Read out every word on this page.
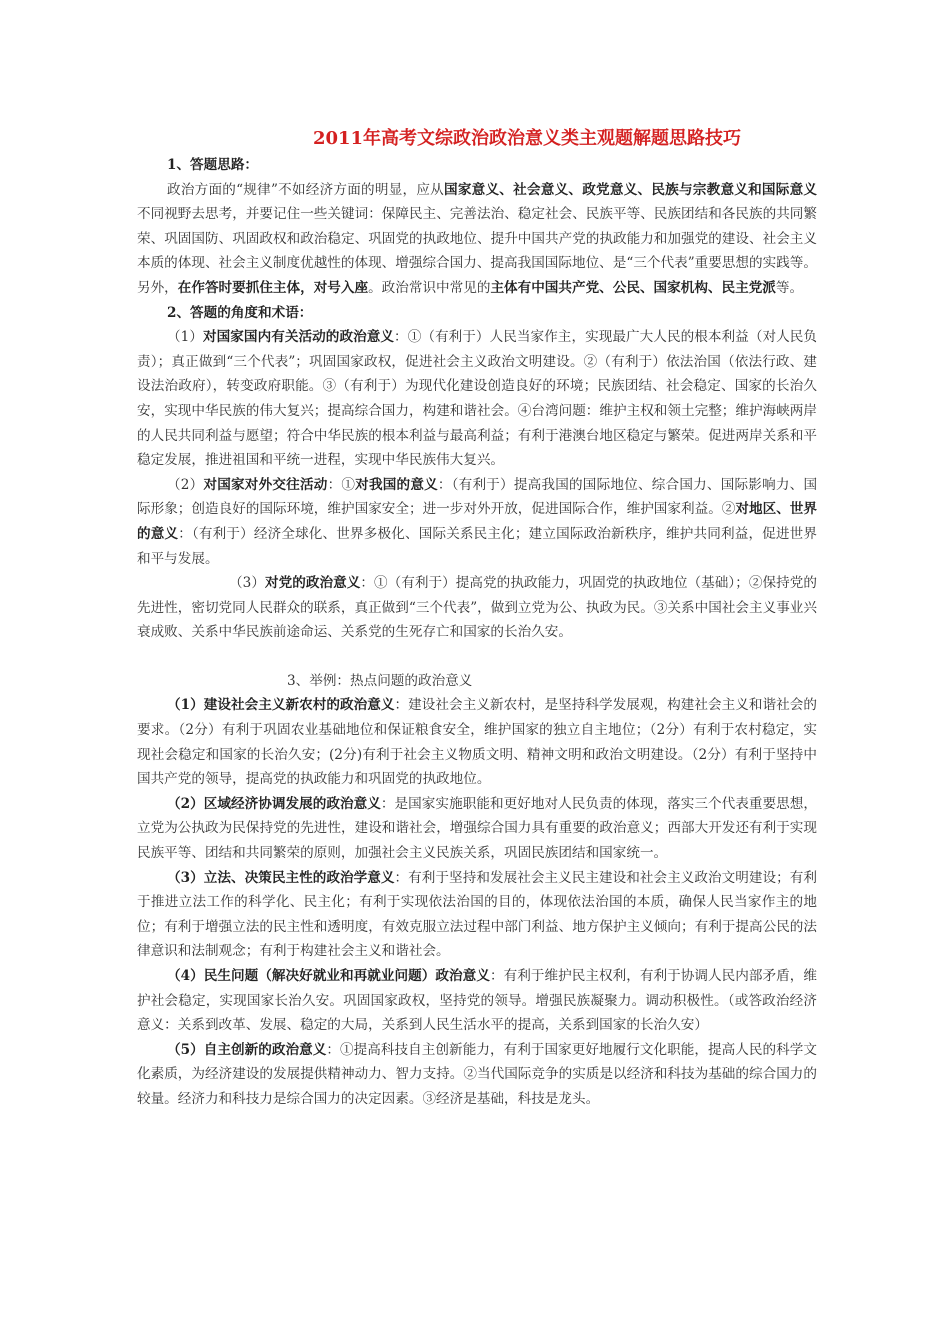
2011年高考文综政治政治意义类主观题解题思路技巧

1、答题思路：

政治方面的“规律”不如经济方面的明显，应从国家意义、社会意义、政党意义、民族与宗教意义和国际意义不同视野去思考，并要记住一些关键词：保障民主、完善法治、稳定社会、民族平等、民族团结和各民族的共同繁荣、巩固国防、巩固政权和政治稳定、巩固党的执政地位、提升中国共产党的执政能力和加强党的建设、社会主义本质的体现、社会主义制度优越性的体现、增强综合国力、提高我国国际地位、是“三个代表”重要思想的实践等。另外，在作答时要抓住主体，对号入座。政治常识中常见的主体有中国共产党、公民、国家机构、民主党派等。

2、答题的角度和术语：

（1）对国家国内有关活动的政治意义：①（有利于）人民当家作主，实现最广大人民的根本利益（对人民负责）；真正做到“三个代表”；巩固国家政权，促进社会主义政治文明建设。②（有利于）依法治国（依法行政、建设法治政府），转变政府职能。③（有利于）为现代化建设创造良好的环境；民族团结、社会稳定、国家的长治久安，实现中华民族的伟大复兴；提高综合国力，构建和谐社会。④台湾问题：维护主权和领土完整；维护海峡两岸的人民共同利益与愿望；符合中华民族的根本利益与最高利益；有利于港澳台地区稳定与繁荣。促进两岸关系和平稳定发展，推进祖国和平统一进程，实现中华民族伟大复兴。

（2）对国家对外交往活动：①对我国的意义：（有利于）提高我国的国际地位、综合国力、国际影响力、国际形象；创造良好的国际环境，维护国家安全；进一步对外开放，促进国际合作，维护国家利益。②对地区、世界的意义：（有利于）经济全球化、世界多极化、国际关系民主化；建立国际政治新秩序，维护共同利益，促进世界和平与发展。

（3）对党的政治意义：①（有利于）提高党的执政能力，巩固党的执政地位（基础）；②保持党的先进性，密切党同人民群众的联系，真正做到“三个代表”，做到立党为公、执政为民。③关系中国社会主义事业兴衰成败、关系中华民族前途命运、关系党的生死存亡和国家的长治久安。

3、举例：热点问题的政治意义

（1）建设社会主义新农村的政治意义：建设社会主义新农村，是坚持科学发展观，构建社会主义和谐社会的要求。（2分）有利于巩固农业基础地位和保证粮食安全，维护国家的独立自主地位；（2分）有利于农村稳定，实现社会稳定和国家的长治久安；(2分)有利于社会主义物质文明、精神文明和政治文明建设。（2分）有利于坚持中国共产党的领导，提高党的执政能力和巩固党的执政地位。

（2）区域经济协调发展的政治意义：是国家实施职能和更好地对人民负责的体现，落实三个代表重要思想，立党为公执政为民保持党的先进性，建设和谐社会，增强综合国力具有重要的政治意义；西部大开发还有利于实现民族平等、团结和共同繁荣的原则，加强社会主义民族关系，巩固民族团结和国家统一。

（3）立法、决策民主性的政治学意义：有利于坚持和发展社会主义民主建设和社会主义政治文明建设；有利于推进立法工作的科学化、民主化；有利于实现依法治国的目的，体现依法治国的本质，确保人民当家作主的地位；有利于增强立法的民主性和透明度，有效克服立法过程中部门利益、地方保护主义倾向；有利于提高公民的法律意识和法制观念；有利于构建社会主义和谐社会。

（4）民生问题（解决好就业和再就业问题）政治意义：有利于维护民主权利，有利于协调人民内部矛盾，维护社会稳定，实现国家长治久安。巩固国家政权，坚持党的领导。增强民族凝聚力。调动积极性。（或答政治经济意义：关系到改革、发展、稳定的大局，关系到人民生活水平的提高，关系到国家的长治久安）

（5）自主创新的政治意义：①提高科技自主创新能力，有利于国家更好地履行文化职能，提高人民的科学文化素质，为经济建设的发展提供精神动力、智力支持。②当代国际竞争的实质是以经济和科技为基础的综合国力的较量。经济力和科技力是综合国力的决定因素。③经济是基础，科技是龙头。
